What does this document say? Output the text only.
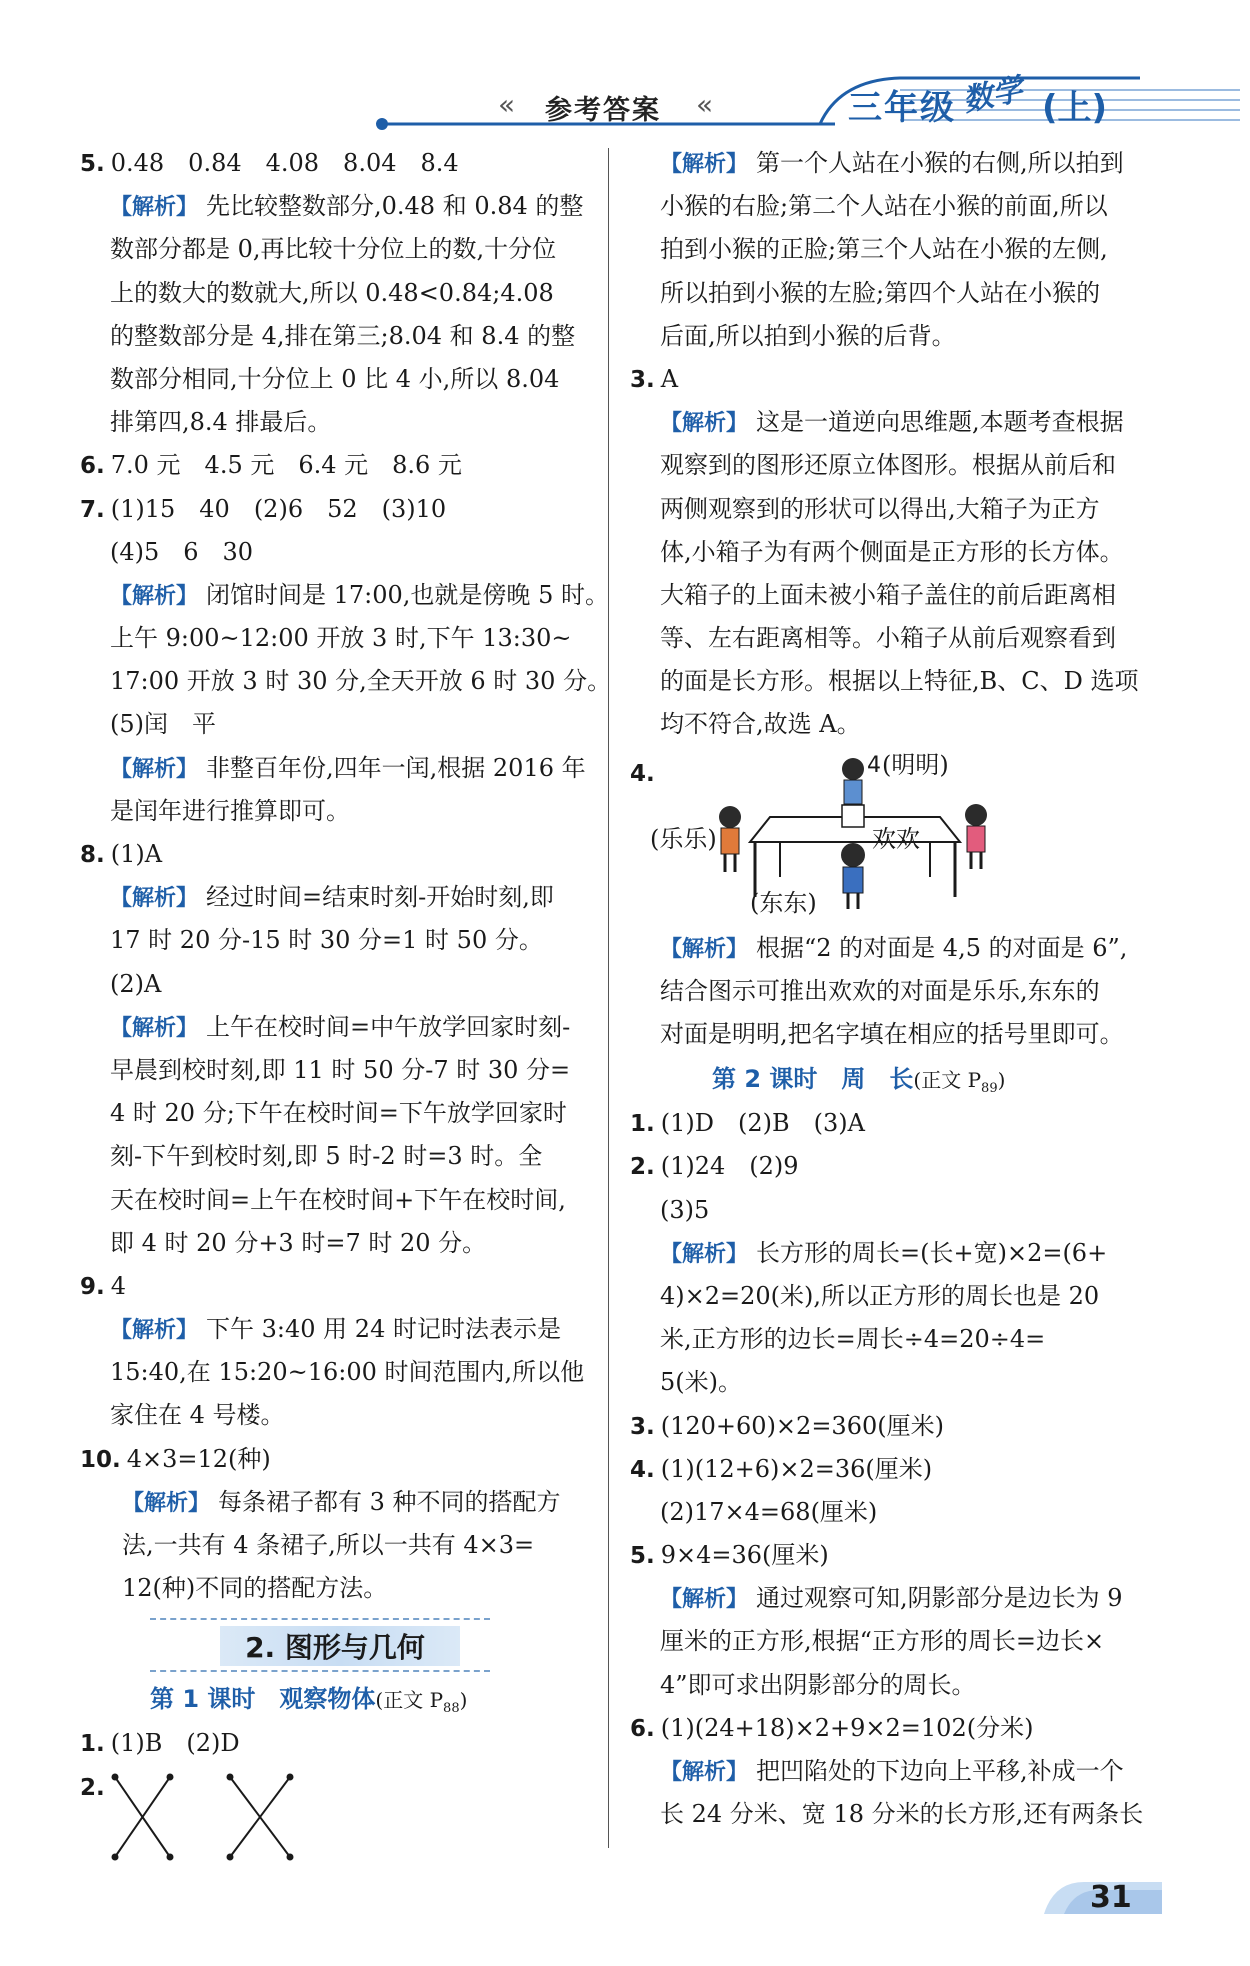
« 参考答案 «	三年级 数学 (上)
5. 0.48　0.84　4.08　8.04　8.4
【解析】 先比较整数部分,0.48 和 0.84 的整
数部分都是 0,再比较十分位上的数,十分位
上的数大的数就大,所以 0.48<0.84;4.08
的整数部分是 4,排在第三;8.04 和 8.4 的整
数部分相同,十分位上 0 比 4 小,所以 8.04
排第四,8.4 排最后。
6. 7.0 元　4.5 元　6.4 元　8.6 元
7. (1)15　40　(2)6　52　(3)10
(4)5　6　30
【解析】 闭馆时间是 17:00,也就是傍晚 5 时。
上午 9:00~12:00 开放 3 时,下午 13:30~
17:00 开放 3 时 30 分,全天开放 6 时 30 分。
(5)闰　平
【解析】 非整百年份,四年一闰,根据 2016 年
是闰年进行推算即可。
8. (1)A
【解析】 经过时间=结束时刻-开始时刻,即
17 时 20 分-15 时 30 分=1 时 50 分。
(2)A
【解析】 上午在校时间=中午放学回家时刻-
早晨到校时刻,即 11 时 50 分-7 时 30 分=
4 时 20 分;下午在校时间=下午放学回家时
刻-下午到校时刻,即 5 时-2 时=3 时。全
天在校时间=上午在校时间+下午在校时间,
即 4 时 20 分+3 时=7 时 20 分。
9. 4
【解析】 下午 3:40 用 24 时记时法表示是
15:40,在 15:20~16:00 时间范围内,所以他
家住在 4 号楼。
10. 4×3=12(种)
【解析】 每条裙子都有 3 种不同的搭配方
法,一共有 4 条裙子,所以一共有 4×3=
12(种)不同的搭配方法。
2. 图形与几何
第 1 课时　观察物体(正文 $P_{88}$)
1. (1)B　(2)D
2.
【解析】 第一个人站在小猴的右侧,所以拍到
小猴的右脸;第二个人站在小猴的前面,所以
拍到小猴的正脸;第三个人站在小猴的左侧,
所以拍到小猴的左脸;第四个人站在小猴的
后面,所以拍到小猴的后背。
3. A
【解析】 这是一道逆向思维题,本题考查根据
观察到的图形还原立体图形。根据从前后和
两侧观察到的形状可以得出,大箱子为正方
体,小箱子为有两个侧面是正方形的长方体。
大箱子的上面未被小箱子盖住的前后距离相
等、左右距离相等。小箱子从前后观察看到
的面是长方形。根据以上特征,B、C、D 选项
均不符合,故选 A。
4.	4 (明明)
(乐乐)	欢欢
(东东)
【解析】 根据“2 的对面是 4,5 的对面是 6”,
结合图示可推出欢欢的对面是乐乐,东东的
对面是明明,把名字填在相应的括号里即可。
第 2 课时　周　长(正文 $P_{89}$)
1. (1)D　(2)B　(3)A
2. (1)24　(2)9
(3)5
【解析】 长方形的周长=(长+宽)×2=(6+
4)×2=20(米),所以正方形的周长也是 20
米,正方形的边长=周长÷4=20÷4=
5(米)。
3. (120+60)×2=360(厘米)
4. (1)(12+6)×2=36(厘米)
(2)17×4=68(厘米)
5. 9×4=36(厘米)
【解析】 通过观察可知,阴影部分是边长为 9
厘米的正方形,根据“正方形的周长=边长×
4”即可求出阴影部分的周长。
6. (1)(24+18)×2+9×2=102(分米)
【解析】 把凹陷处的下边向上平移,补成一个
长 24 分米、宽 18 分米的长方形,还有两条长
31
